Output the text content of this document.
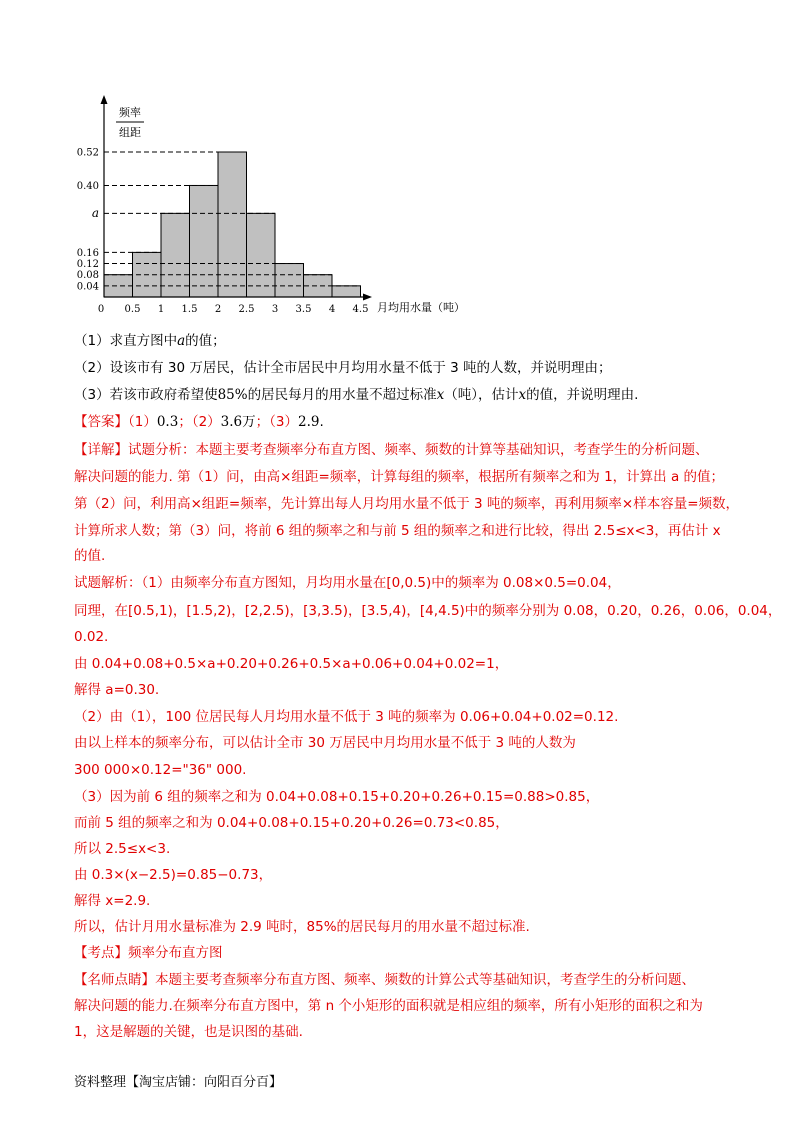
0.52
0.40
a
0.16
0.12
0.08
0.04
0 0.5 1 1.5 2 2.5 3 3.5 4 4.5
频率
组距
月均用水量（吨）
（1）求直方图中a的值；
（2）设该市有 30 万居民，估计全市居民中月均用水量不低于 3 吨的人数，并说明理由；
（3）若该市政府希望使85%的居民每月的用水量不超过标准x（吨），估计x的值，并说明理由.
【答案】（1）0.3；（2）3.6万；（3）2.9.
【详解】试题分析：本题主要考查频率分布直方图、频率、频数的计算等基础知识，考查学生的分析问题、
解决问题的能力. 第（1）问，由高×组距=频率，计算每组的频率，根据所有频率之和为 1，计算出 a 的值；
第（2）问，利用高×组距=频率，先计算出每人月均用水量不低于 3 吨的频率，再利用频率×样本容量=频数，
计算所求人数；第（3）问，将前 6 组的频率之和与前 5 组的频率之和进行比较，得出 2.5≤x<3，再估计 x
的值.
试题解析：（1）由频率分布直方图知，月均用水量在[0,0.5)中的频率为 0.08×0.5=0.04，
同理，在[0.5,1)，[1.5,2)，[2,2.5)，[3,3.5)，[3.5,4)，[4,4.5)中的频率分别为 0.08，0.20，0.26，0.06，0.04，
0.02.
由 0.04+0.08+0.5×a+0.20+0.26+0.5×a+0.06+0.04+0.02=1，
解得 a=0.30.
（2）由（1），100 位居民每人月均用水量不低于 3 吨的频率为 0.06+0.04+0.02=0.12.
由以上样本的频率分布，可以估计全市 30 万居民中月均用水量不低于 3 吨的人数为
300 000×0.12="36" 000.
（3）因为前 6 组的频率之和为 0.04+0.08+0.15+0.20+0.26+0.15=0.88>0.85，
而前 5 组的频率之和为 0.04+0.08+0.15+0.20+0.26=0.73<0.85，
所以 2.5≤x<3.
由 0.3×(x−2.5)=0.85−0.73，
解得 x=2.9.
所以，估计月用水量标准为 2.9 吨时，85%的居民每月的用水量不超过标准.
【考点】频率分布直方图
【名师点睛】本题主要考查频率分布直方图、频率、频数的计算公式等基础知识，考查学生的分析问题、
解决问题的能力.在频率分布直方图中，第 n 个小矩形的面积就是相应组的频率，所有小矩形的面积之和为
1，这是解题的关键，也是识图的基础.
资料整理【淘宝店铺：向阳百分百】
